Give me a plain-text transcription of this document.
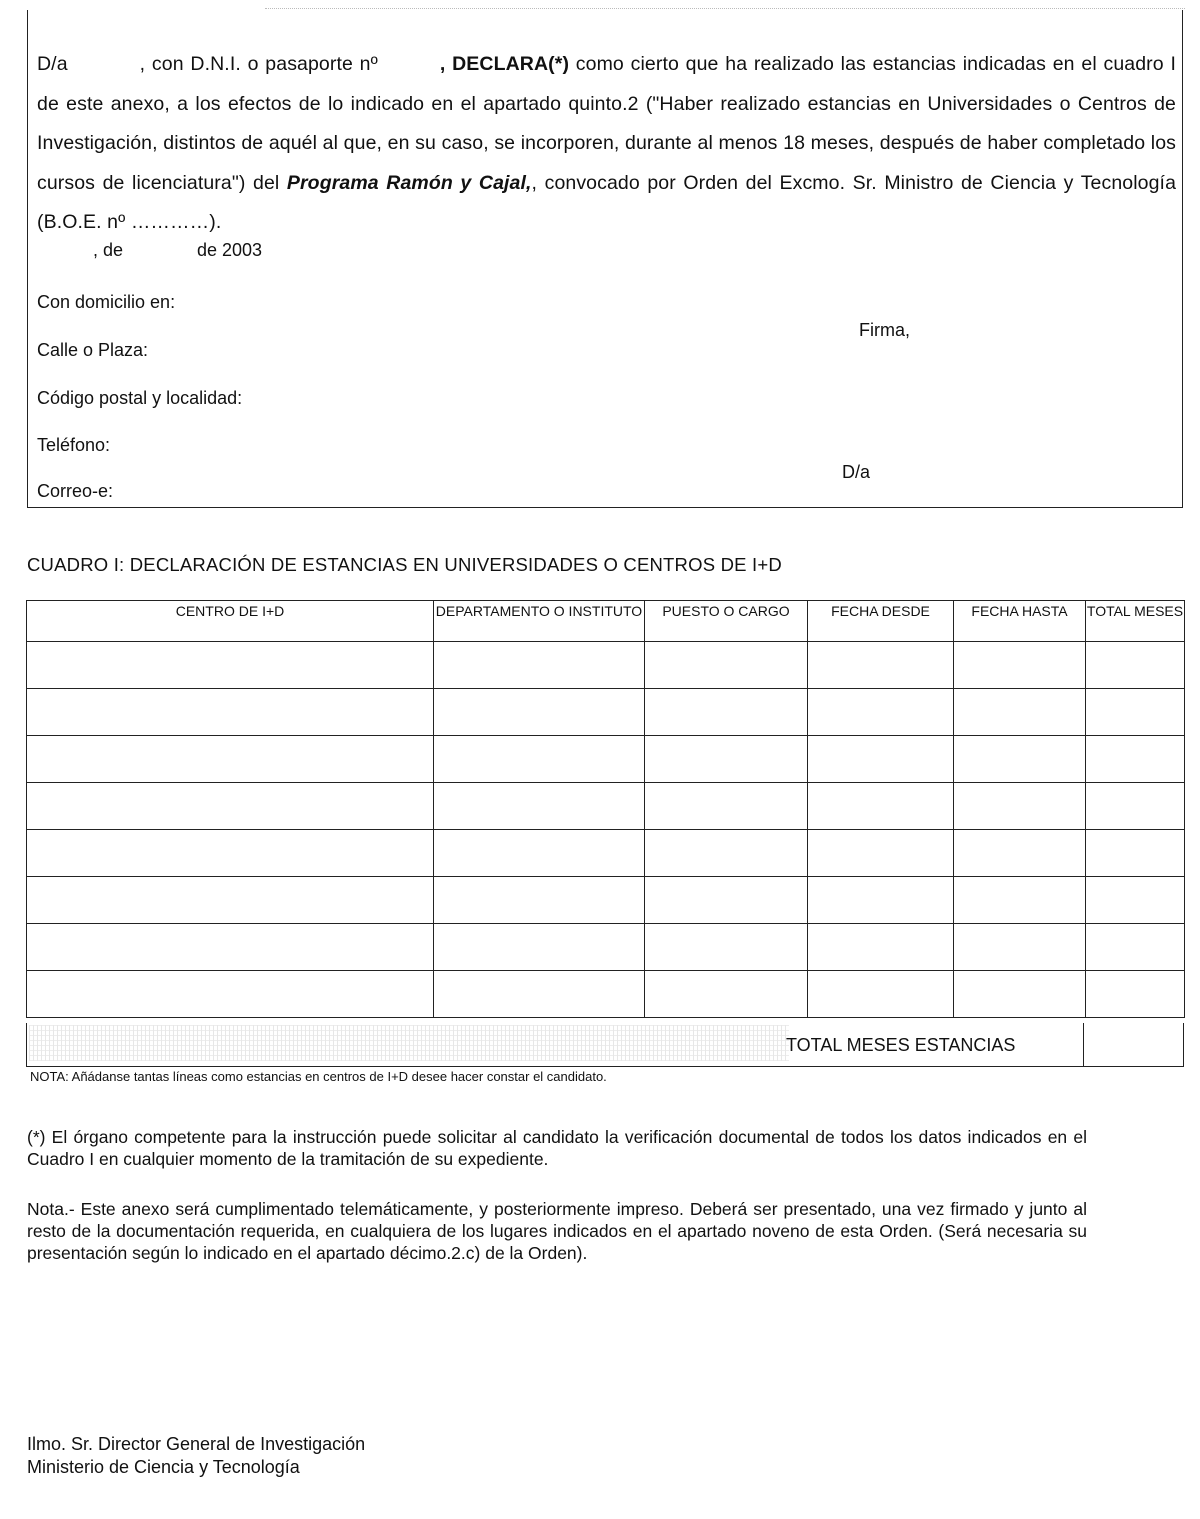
D/a	, con D.N.I. o pasaporte nº	, DECLARA(*) como cierto que ha realizado las estancias indicadas en el cuadro I de este anexo, a los efectos de lo indicado en el apartado quinto.2 ("Haber realizado estancias en Universidades o Centros de Investigación, distintos de aquél al que, en su caso, se incorporen, durante al menos 18 meses, después de haber completado los cursos de licenciatura") del Programa Ramón y Cajal,, convocado por Orden del Excmo. Sr. Ministro de Ciencia y Tecnología (B.O.E. nº …………).
, de	de 2003
Con domicilio en:
Calle o Plaza:
Código postal y localidad:
Teléfono:
Correo-e:
Firma,
D/a
CUADRO I: DECLARACIÓN DE ESTANCIAS EN UNIVERSIDADES O CENTROS DE I+D
CENTRO DE I+D	DEPARTAMENTO O INSTITUTO	PUESTO O CARGO	FECHA DESDE	FECHA HASTA	TOTAL MESES

TOTAL MESES ESTANCIAS
NOTA: Añádanse tantas líneas como estancias en centros de I+D desee hacer constar el candidato.
(*) El órgano competente para la instrucción puede solicitar al candidato la verificación documental de todos los datos indicados en el Cuadro I en cualquier momento de la tramitación de su expediente.
Nota.- Este anexo será cumplimentado telemáticamente, y posteriormente impreso. Deberá ser presentado, una vez firmado y junto al resto de la documentación requerida, en cualquiera de los lugares indicados en el apartado noveno de esta Orden. (Será necesaria su presentación según lo indicado en el apartado décimo.2.c) de la Orden).
Ilmo. Sr. Director General de Investigación
Ministerio de Ciencia y Tecnología
